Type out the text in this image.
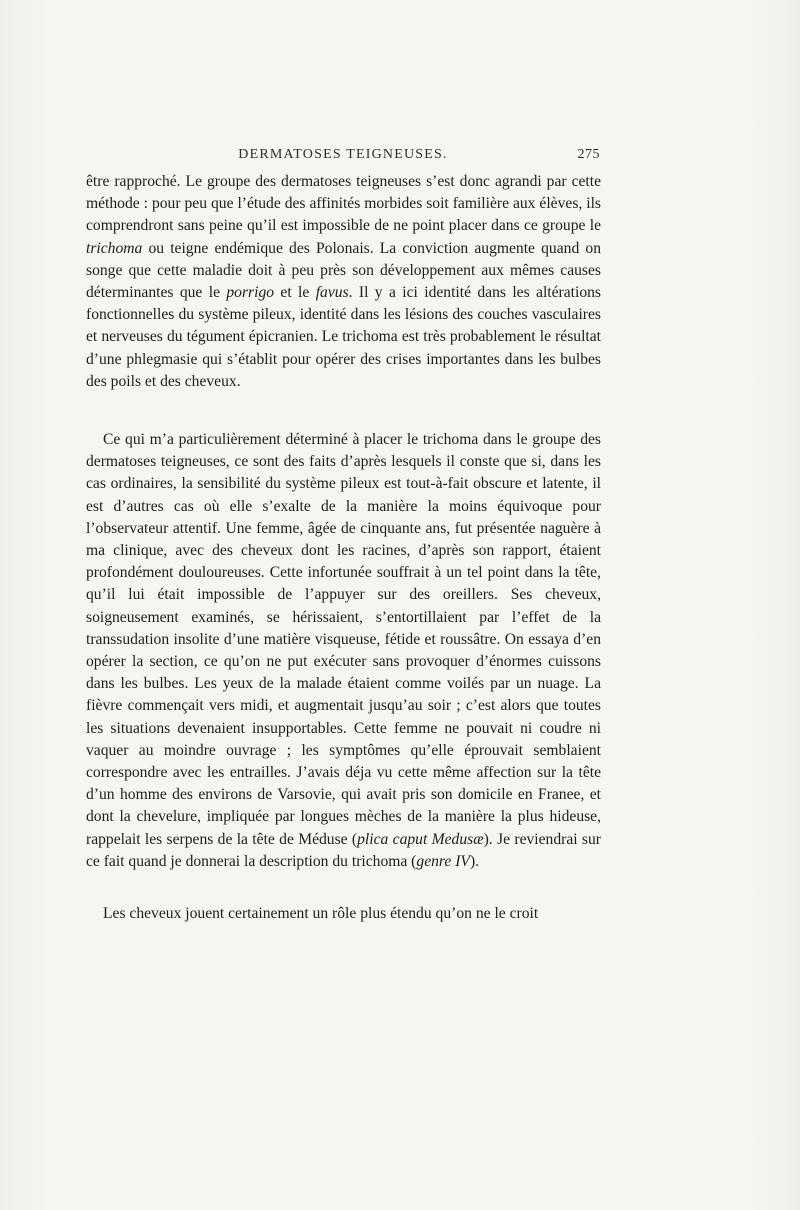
DERMATOSES TEIGNEUSES.	275

être rapproché. Le groupe des dermatoses teigneuses s’est donc agrandi par cette méthode : pour peu que l’étude des affinités morbides soit familière aux élèves, ils comprendront sans peine qu’il est impossible de ne point placer dans ce groupe le trichoma ou teigne endémique des Polonais. La conviction augmente quand on songe que cette maladie doit à peu près son développement aux mêmes causes déterminantes que le porrigo et le favus. Il y a ici identité dans les altérations fonctionnelles du système pileux, identité dans les lésions des couches vasculaires et nerveuses du tégument épicranien. Le trichoma est très probablement le résultat d’une phlegmasie qui s’établit pour opérer des crises importantes dans les bulbes des poils et des cheveux.

Ce qui m’a particulièrement déterminé à placer le trichoma dans le groupe des dermatoses teigneuses, ce sont des faits d’après lesquels il conste que si, dans les cas ordinaires, la sensibilité du système pileux est tout-à-fait obscure et latente, il est d’autres cas où elle s’exalte de la manière la moins équivoque pour l’observateur attentif. Une femme, âgée de cinquante ans, fut présentée naguère à ma clinique, avec des cheveux dont les racines, d’après son rapport, étaient profondément douloureuses. Cette infortunée souffrait à un tel point dans la tête, qu’il lui était impossible de l’appuyer sur des oreillers. Ses cheveux, soigneusement examinés, se hérissaient, s’entortillaient par l’effet de la transsudation insolite d’une matière visqueuse, fétide et roussâtre. On essaya d’en opérer la section, ce qu’on ne put exécuter sans provoquer d’énormes cuissons dans les bulbes. Les yeux de la malade étaient comme voilés par un nuage. La fièvre commençait vers midi, et augmentait jusqu’au soir ; c’est alors que toutes les situations devenaient insupportables. Cette femme ne pouvait ni coudre ni vaquer au moindre ouvrage ; les symptômes qu’elle éprouvait semblaient correspondre avec les entrailles. J’avais déja vu cette même affection sur la tête d’un homme des environs de Varsovie, qui avait pris son domicile en Franee, et dont la chevelure, impliquée par longues mèches de la manière la plus hideuse, rappelait les serpens de la tête de Méduse (plica caput Medusæ). Je reviendrai sur ce fait quand je donnerai la description du trichoma (genre IV).

Les cheveux jouent certainement un rôle plus étendu qu’on ne le croit
